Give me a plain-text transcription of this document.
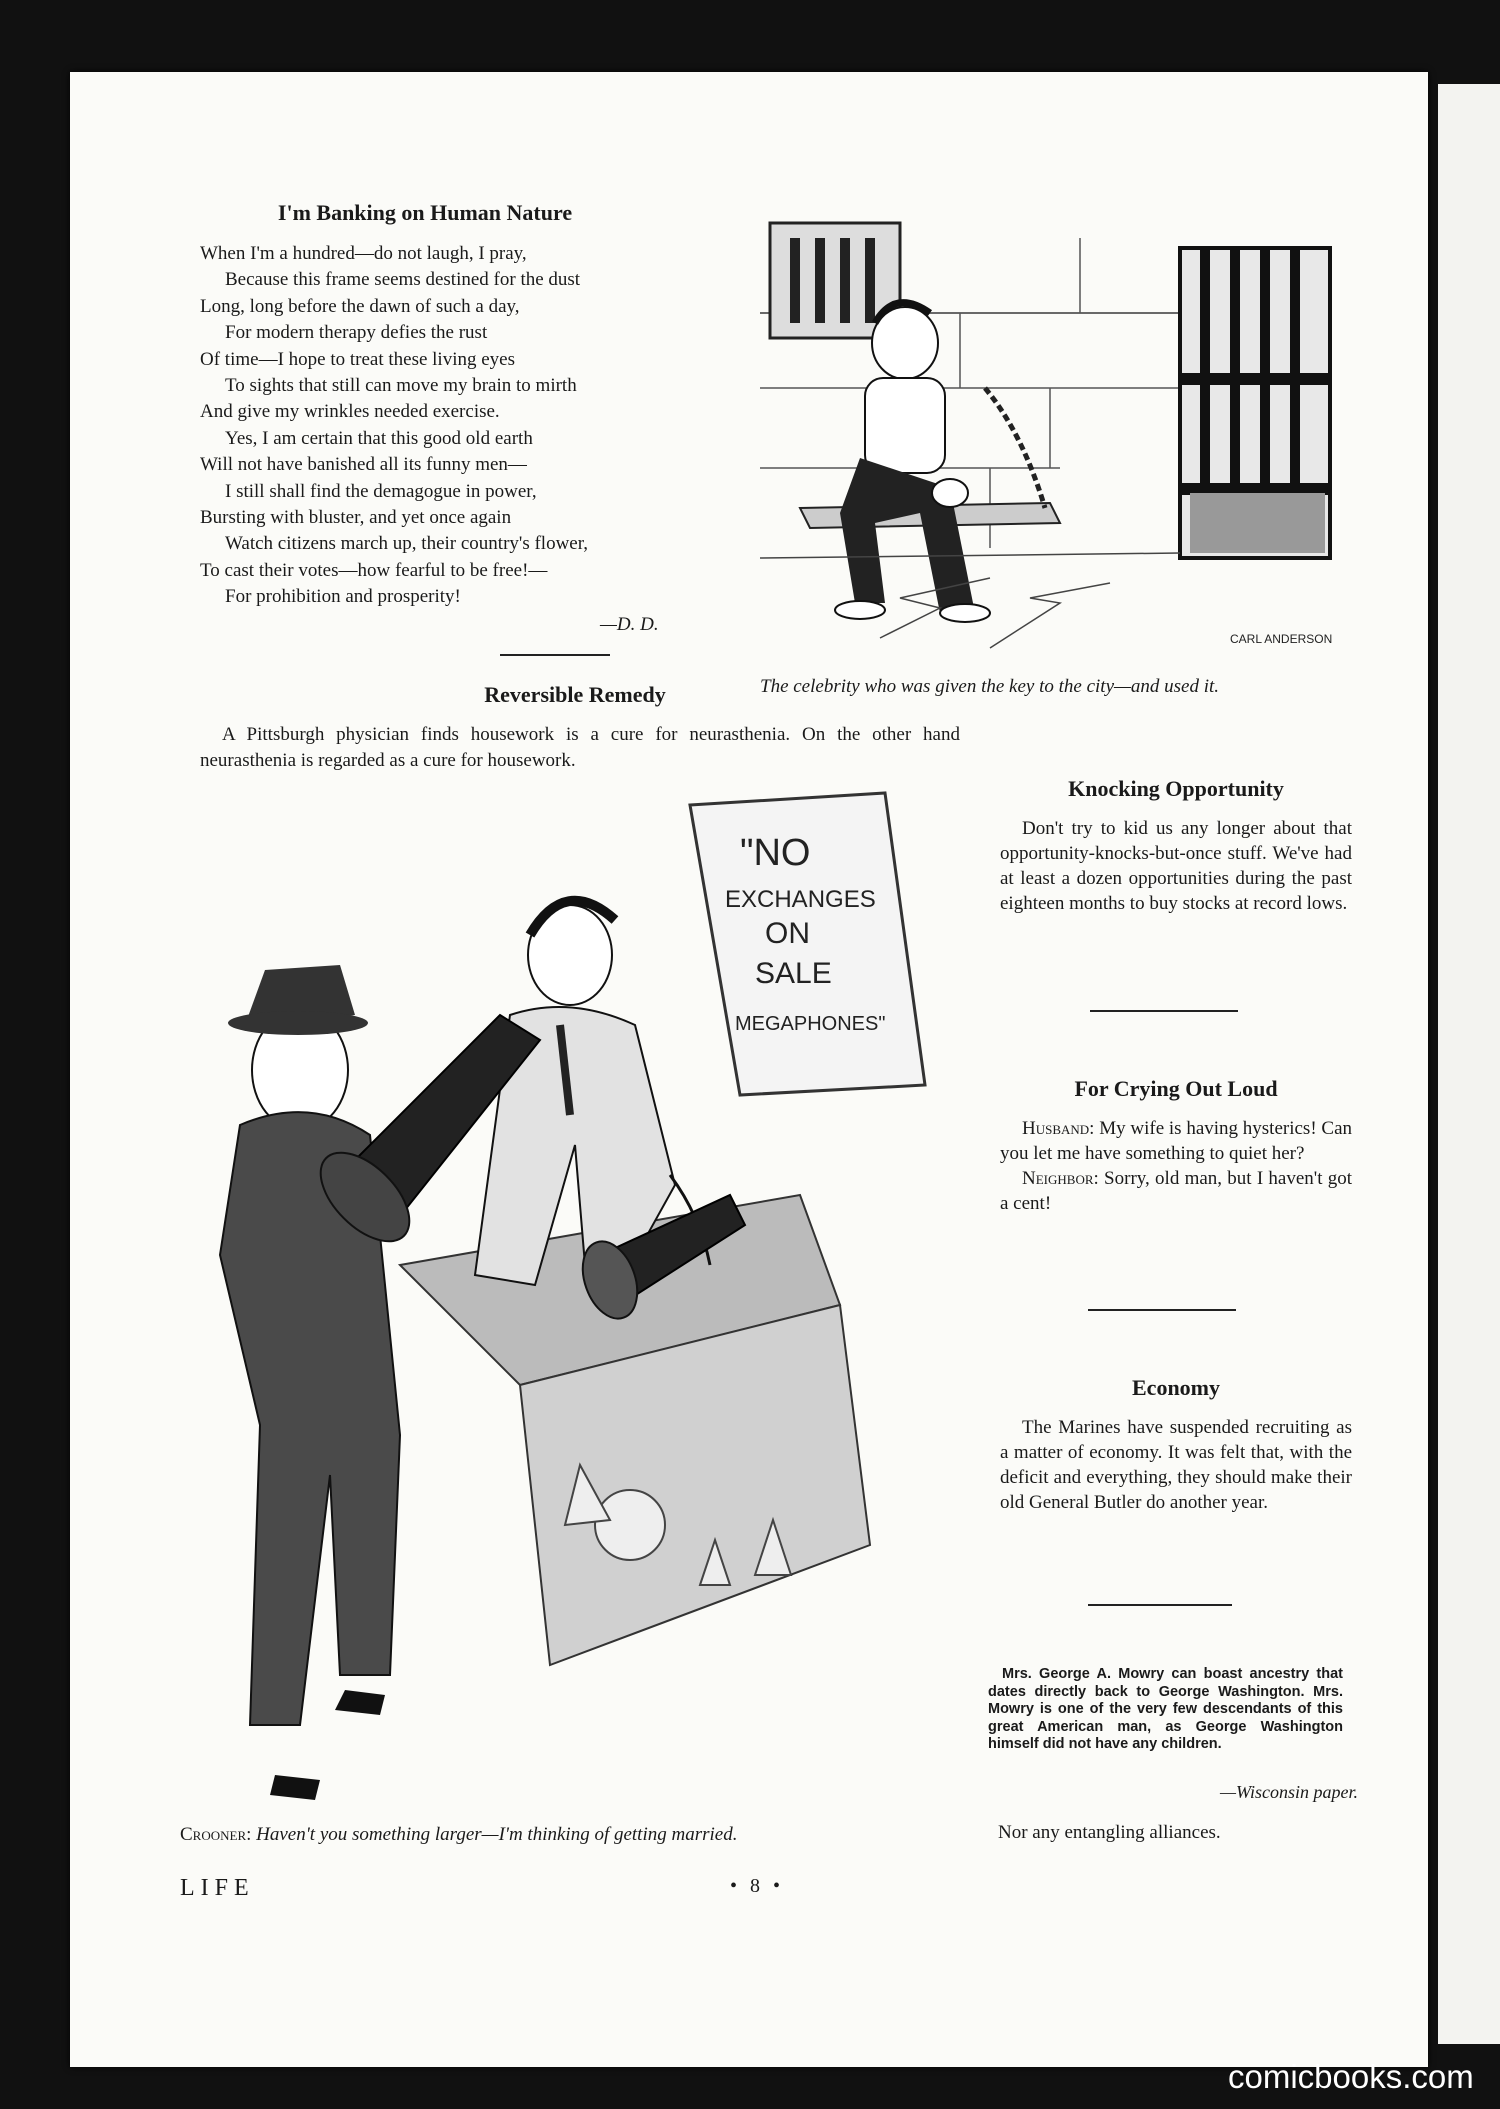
I'm Banking on Human Nature
When I'm a hundred—do not laugh, I pray,
Because this frame seems destined for the dust
Long, long before the dawn of such a day,
For modern therapy defies the rust
Of time—I hope to treat these living eyes
To sights that still can move my brain to mirth
And give my wrinkles needed exercise.
Yes, I am certain that this good old earth
Will not have banished all its funny men—
I still shall find the demagogue in power,
Bursting with bluster, and yet once again
Watch citizens march up, their country's flower,
To cast their votes—how fearful to be free!—
For prohibition and prosperity!
—D. D.
CARL ANDERSON
The celebrity who was given the key to the city—and used it.
Reversible Remedy
A Pittsburgh physician finds housework is a cure for neurasthenia. On the other hand neurasthenia is regarded as a cure for housework.
"NO
EXCHANGES
ON
SALE
MEGAPHONES"
Crooner: Haven't you something larger—I'm thinking of getting married.
Knocking Opportunity

Don't try to kid us any longer about that opportunity-knocks-but-once stuff. We've had at least a dozen opportunities during the past eighteen months to buy stocks at record lows.

For Crying Out Loud

Husband: My wife is having hysterics! Can you let me have something to quiet her?

Neighbor: Sorry, old man, but I haven't got a cent!

Economy

The Marines have suspended recruiting as a matter of economy. It was felt that, with the deficit and everything, they should make their old General Butler do another year.

Mrs. George A. Mowry can boast ancestry that dates directly back to George Washington. Mrs. Mowry is one of the very few descendants of this great American man, as George Washington himself did not have any children.
—Wisconsin paper.
Nor any entangling alliances.
LIFE	• 8 •
comicbooks.com
